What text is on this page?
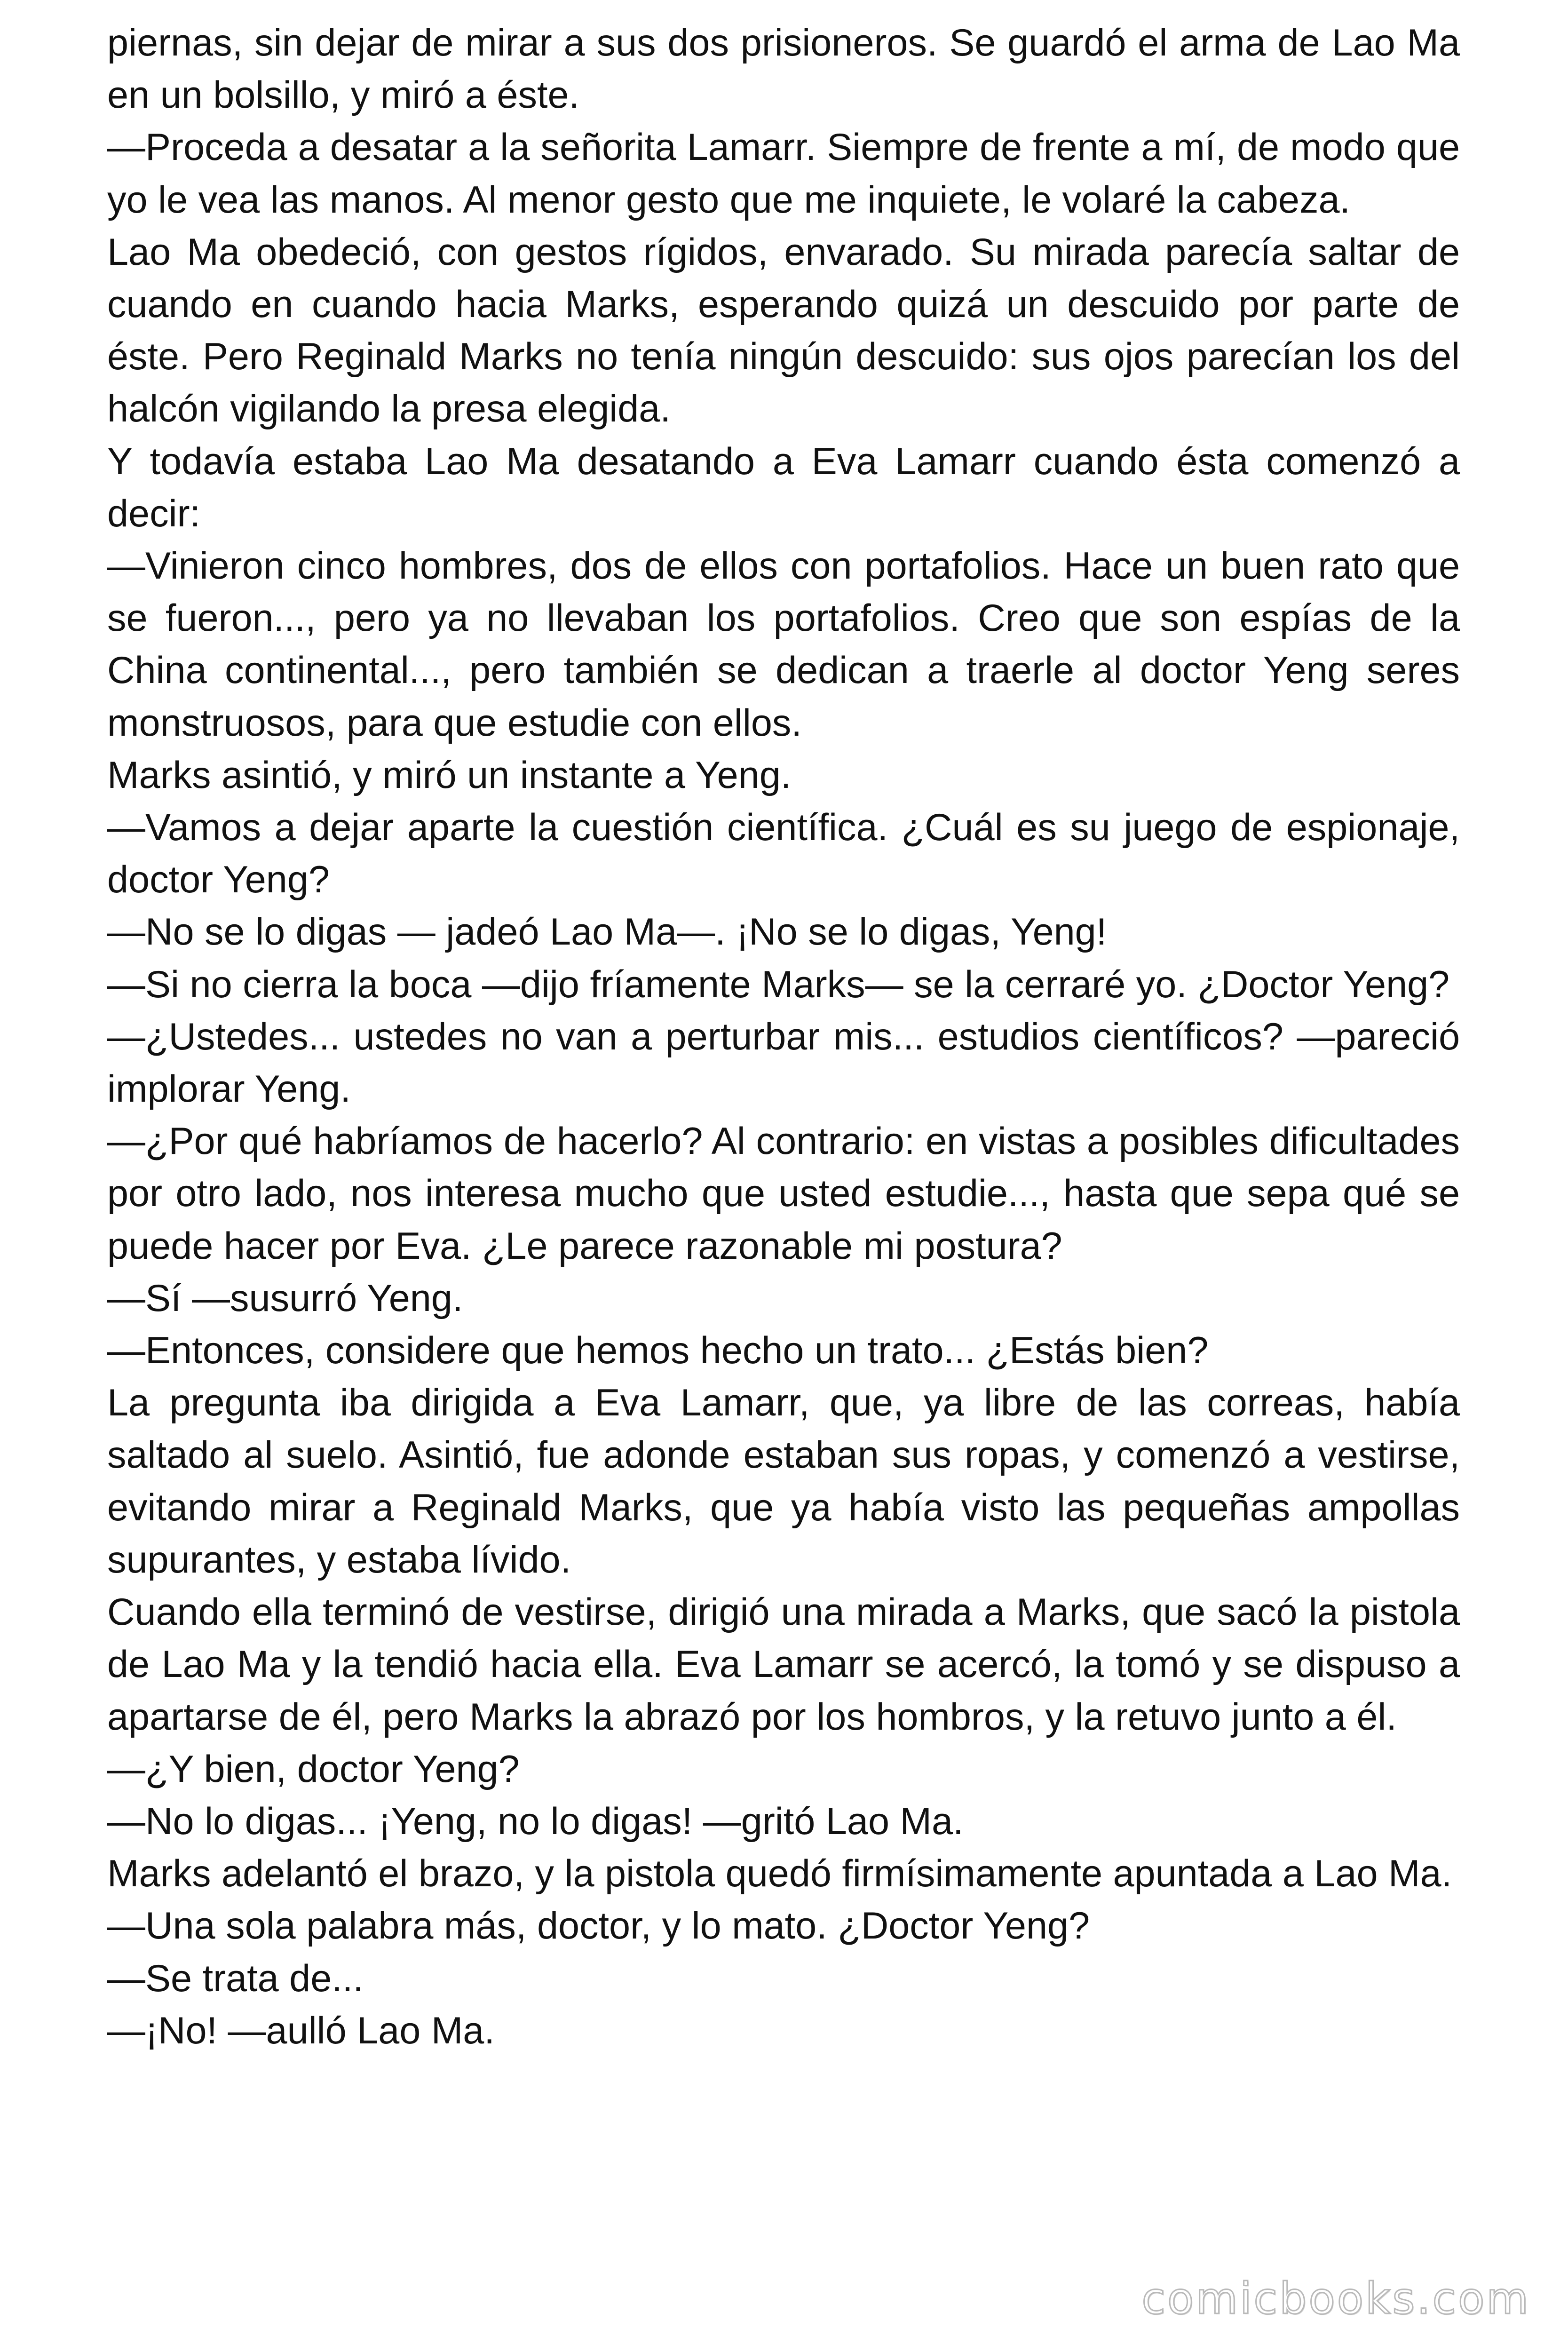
piernas, sin dejar de mirar a sus dos prisioneros. Se guardó el arma de Lao Ma en un bolsillo, y miró a éste.

—Proceda a desatar a la señorita Lamarr. Siempre de frente a mí, de modo que yo le vea las manos. Al menor gesto que me inquiete, le volaré la cabeza.

Lao Ma obedeció, con gestos rígidos, envarado. Su mirada parecía saltar de cuando en cuando hacia Marks, esperando quizá un descuido por parte de éste. Pero Reginald Marks no tenía ningún descuido: sus ojos parecían los del halcón vigilando la presa elegida.

Y todavía estaba Lao Ma desatando a Eva Lamarr cuando ésta comenzó a decir:

—Vinieron cinco hombres, dos de ellos con portafolios. Hace un buen rato que se fueron..., pero ya no llevaban los portafolios. Creo que son espías de la China continental..., pero también se dedican a traerle al doctor Yeng seres monstruosos, para que estudie con ellos.

Marks asintió, y miró un instante a Yeng.

—Vamos a dejar aparte la cuestión científica. ¿Cuál es su juego de espionaje, doctor Yeng?

—No se lo digas — jadeó Lao Ma—. ¡No se lo digas, Yeng!

—Si no cierra la boca —dijo fríamente Marks— se la cerraré yo. ¿Doctor Yeng?

—¿Ustedes... ustedes no van a perturbar mis... estudios científicos? —pareció implorar Yeng.

—¿Por qué habríamos de hacerlo? Al contrario: en vistas a posibles dificultades por otro lado, nos interesa mucho que usted estudie..., hasta que sepa qué se puede hacer por Eva. ¿Le parece razonable mi postura?

—Sí —susurró Yeng.

—Entonces, considere que hemos hecho un trato... ¿Estás bien?

La pregunta iba dirigida a Eva Lamarr, que, ya libre de las correas, había saltado al suelo. Asintió, fue adonde estaban sus ropas, y comenzó a vestirse, evitando mirar a Reginald Marks, que ya había visto las pequeñas ampollas supurantes, y estaba lívido.

Cuando ella terminó de vestirse, dirigió una mirada a Marks, que sacó la pistola de Lao Ma y la tendió hacia ella. Eva Lamarr se acercó, la tomó y se dispuso a apartarse de él, pero Marks la abrazó por los hombros, y la retuvo junto a él.

—¿Y bien, doctor Yeng?

—No lo digas... ¡Yeng, no lo digas! —gritó Lao Ma.

Marks adelantó el brazo, y la pistola quedó firmísimamente apuntada a Lao Ma.

—Una sola palabra más, doctor, y lo mato. ¿Doctor Yeng?

—Se trata de...

—¡No! —aulló Lao Ma.

comicbooks.com
